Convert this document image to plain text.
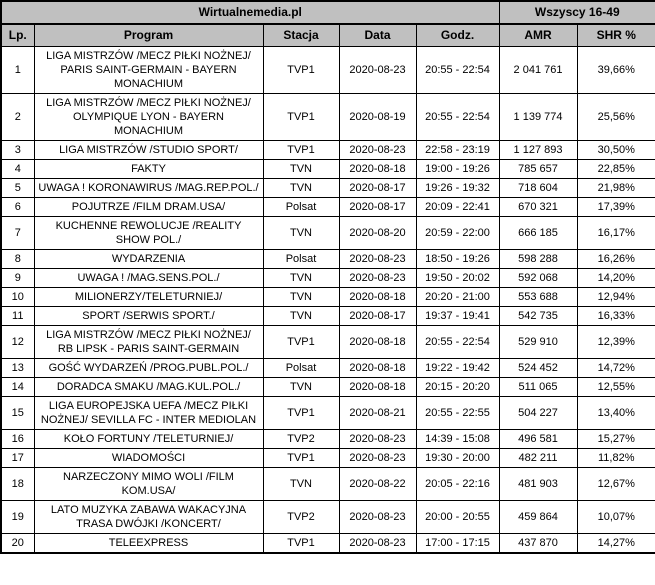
Wirtualnemedia.pl					Wszyscy 16-49	
Lp.	Program	Stacja	Data	Godz.	AMR	SHR %
1	LIGA MISTRZÓW /MECZ PIŁKI NOŻNEJ/ PARIS SAINT-GERMAIN - BAYERN MONACHIUM	TVP1	2020-08-23	20:55 - 22:54	2 041 761	39,66%
2	LIGA MISTRZÓW /MECZ PIŁKI NOŻNEJ/ OLYMPIQUE LYON - BAYERN MONACHIUM	TVP1	2020-08-19	20:55 - 22:54	1 139 774	25,56%
3	LIGA MISTRZÓW /STUDIO SPORT/	TVP1	2020-08-23	22:58 - 23:19	1 127 893	30,50%
4	FAKTY	TVN	2020-08-18	19:00 - 19:26	785 657	22,85%
5	UWAGA ! KORONAWIRUS /MAG.REP.POL./	TVN	2020-08-17	19:26 - 19:32	718 604	21,98%
6	POJUTRZE /FILM DRAM.USA/	Polsat	2020-08-17	20:09 - 22:41	670 321	17,39%
7	KUCHENNE REWOLUCJE /REALITY SHOW POL./	TVN	2020-08-20	20:59 - 22:00	666 185	16,17%
8	WYDARZENIA	Polsat	2020-08-23	18:50 - 19:26	598 288	16,26%
9	UWAGA ! /MAG.SENS.POL./	TVN	2020-08-23	19:50 - 20:02	592 068	14,20%
10	MILIONERZY/TELETURNIEJ/	TVN	2020-08-18	20:20 - 21:00	553 688	12,94%
11	SPORT /SERWIS SPORT./	TVN	2020-08-17	19:37 - 19:41	542 735	16,33%
12	LIGA MISTRZÓW /MECZ PIŁKI NOŻNEJ/ RB LIPSK - PARIS SAINT-GERMAIN	TVP1	2020-08-18	20:55 - 22:54	529 910	12,39%
13	GOŚĆ WYDARZEŃ /PROG.PUBL.POL./	Polsat	2020-08-18	19:22 - 19:42	524 452	14,72%
14	DORADCA SMAKU /MAG.KUL.POL./	TVN	2020-08-18	20:15 - 20:20	511 065	12,55%
15	LIGA EUROPEJSKA UEFA /MECZ PIŁKI NOŻNEJ/ SEVILLA FC - INTER MEDIOLAN	TVP1	2020-08-21	20:55 - 22:55	504 227	13,40%
16	KOŁO FORTUNY /TELETURNIEJ/	TVP2	2020-08-23	14:39 - 15:08	496 581	15,27%
17	WIADOMOŚCI	TVP1	2020-08-23	19:30 - 20:00	482 211	11,82%
18	NARZECZONY MIMO WOLI /FILM KOM.USA/	TVN	2020-08-22	20:05 - 22:16	481 903	12,67%
19	LATO MUZYKA ZABAWA WAKACYJNA TRASA DWÓJKI /KONCERT/	TVP2	2020-08-23	20:00 - 20:55	459 864	10,07%
20	TELEEXPRESS	TVP1	2020-08-23	17:00 - 17:15	437 870	14,27%
